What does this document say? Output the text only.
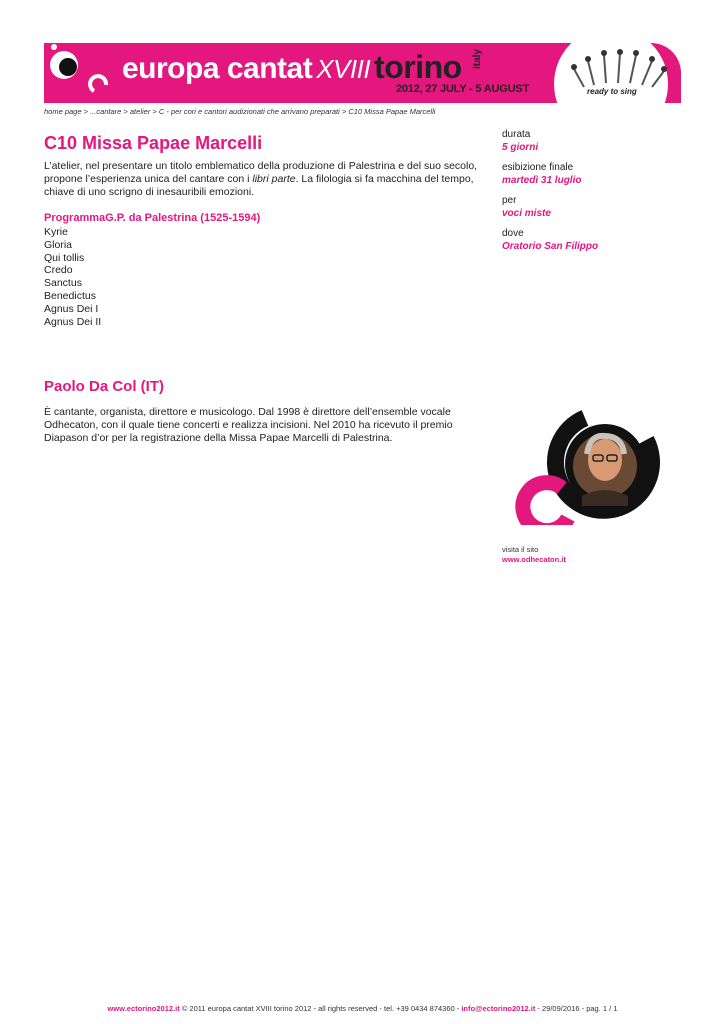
europa cantat XVIII torino italy
2012, 27 JULY - 5 AUGUST	ready to sing
home page > ...cantare > atelier > C - per cori e cantori audizionati che arrivano preparati > C10 Missa Papae Marcelli
C10 Missa Papae Marcelli

L’atelier, nel presentare un titolo emblematico della produzione di Palestrina e del suo secolo, propone l’esperienza unica del cantare con i libri parte. La filologia si fa macchina del tempo, chiave di uno scrigno di inesauribili emozioni.

ProgrammaG.P. da Palestrina (1525-1594)
Kyrie
Gloria
Qui tollis
Credo
Sanctus
Benedictus
Agnus Dei I
Agnus Dei II
Paolo Da Col (IT)

È cantante, organista, direttore e musicologo. Dal 1998 è direttore dell’ensemble vocale Odhecaton, con il quale tiene concerti e realizza incisioni. Nel 2010 ha ricevuto il premio Diapason d’or per la registrazione della Missa Papae Marcelli di Palestrina.

durata
5 giorni
esibizione finale
martedì 31 luglio
per
voci miste
dove
Oratorio San Filippo
visita il sito
www.odhecaton.it
www.ectorino2012.it © 2011 europa cantat XVIII torino 2012 - all rights reserved - tel. +39 0434 874360 - info@ectorino2012.it - 29/09/2016 - pag. 1 / 1
